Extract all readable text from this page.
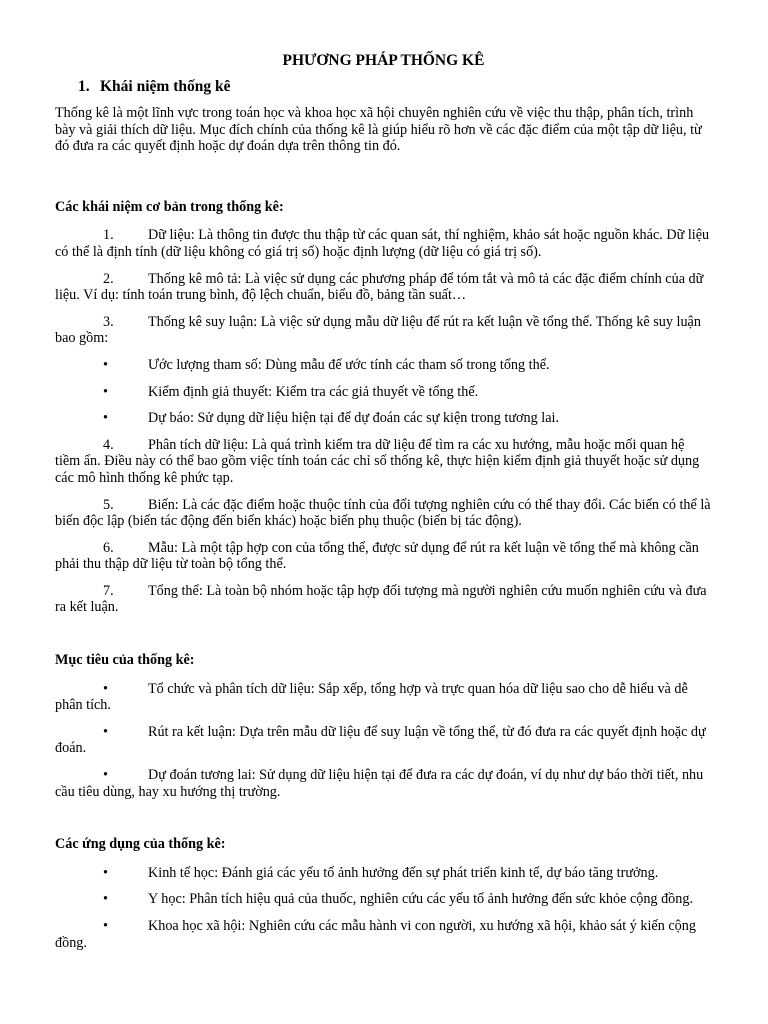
PHƯƠNG PHÁP THỐNG KÊ
1. Khái niệm thống kê

Thống kê là một lĩnh vực trong toán học và khoa học xã hội chuyên nghiên cứu về việc thu thập, phân tích, trình bày và giải thích dữ liệu. Mục đích chính của thống kê là giúp hiểu rõ hơn về các đặc điểm của một tập dữ liệu, từ đó đưa ra các quyết định hoặc dự đoán dựa trên thông tin đó.

Các khái niệm cơ bản trong thống kê:

1. Dữ liệu: Là thông tin được thu thập từ các quan sát, thí nghiệm, khảo sát hoặc nguồn khác. Dữ liệu có thể là định tính (dữ liệu không có giá trị số) hoặc định lượng (dữ liệu có giá trị số).

2. Thống kê mô tả: Là việc sử dụng các phương pháp để tóm tắt và mô tả các đặc điểm chính của dữ liệu. Ví dụ: tính toán trung bình, độ lệch chuẩn, biểu đồ, bảng tần suất…

3. Thống kê suy luận: Là việc sử dụng mẫu dữ liệu để rút ra kết luận về tổng thể. Thống kê suy luận bao gồm:

•	Ước lượng tham số: Dùng mẫu để ước tính các tham số trong tổng thể.

•	Kiểm định giả thuyết: Kiểm tra các giả thuyết về tổng thể.

•	Dự báo: Sử dụng dữ liệu hiện tại để dự đoán các sự kiện trong tương lai.

4. Phân tích dữ liệu: Là quá trình kiểm tra dữ liệu để tìm ra các xu hướng, mẫu hoặc mối quan hệ tiềm ẩn. Điều này có thể bao gồm việc tính toán các chỉ số thống kê, thực hiện kiểm định giả thuyết hoặc sử dụng các mô hình thống kê phức tạp.

5. Biến: Là các đặc điểm hoặc thuộc tính của đối tượng nghiên cứu có thể thay đổi. Các biến có thể là biến độc lập (biến tác động đến biến khác) hoặc biến phụ thuộc (biến bị tác động).

6. Mẫu: Là một tập hợp con của tổng thể, được sử dụng để rút ra kết luận về tổng thể mà không cần phải thu thập dữ liệu từ toàn bộ tổng thể.

7. Tổng thể: Là toàn bộ nhóm hoặc tập hợp đối tượng mà người nghiên cứu muốn nghiên cứu và đưa ra kết luận.

Mục tiêu của thống kê:

•	Tổ chức và phân tích dữ liệu: Sắp xếp, tổng hợp và trực quan hóa dữ liệu sao cho dễ hiểu và dễ phân tích.

•	Rút ra kết luận: Dựa trên mẫu dữ liệu để suy luận về tổng thể, từ đó đưa ra các quyết định hoặc dự đoán.

•	Dự đoán tương lai: Sử dụng dữ liệu hiện tại để đưa ra các dự đoán, ví dụ như dự báo thời tiết, nhu cầu tiêu dùng, hay xu hướng thị trường.

Các ứng dụng của thống kê:

•	Kinh tế học: Đánh giá các yếu tố ảnh hưởng đến sự phát triển kinh tế, dự báo tăng trưởng.

•	Y học: Phân tích hiệu quả của thuốc, nghiên cứu các yếu tố ảnh hưởng đến sức khỏe cộng đồng.

•	Khoa học xã hội: Nghiên cứu các mẫu hành vi con người, xu hướng xã hội, khảo sát ý kiến cộng đồng.
